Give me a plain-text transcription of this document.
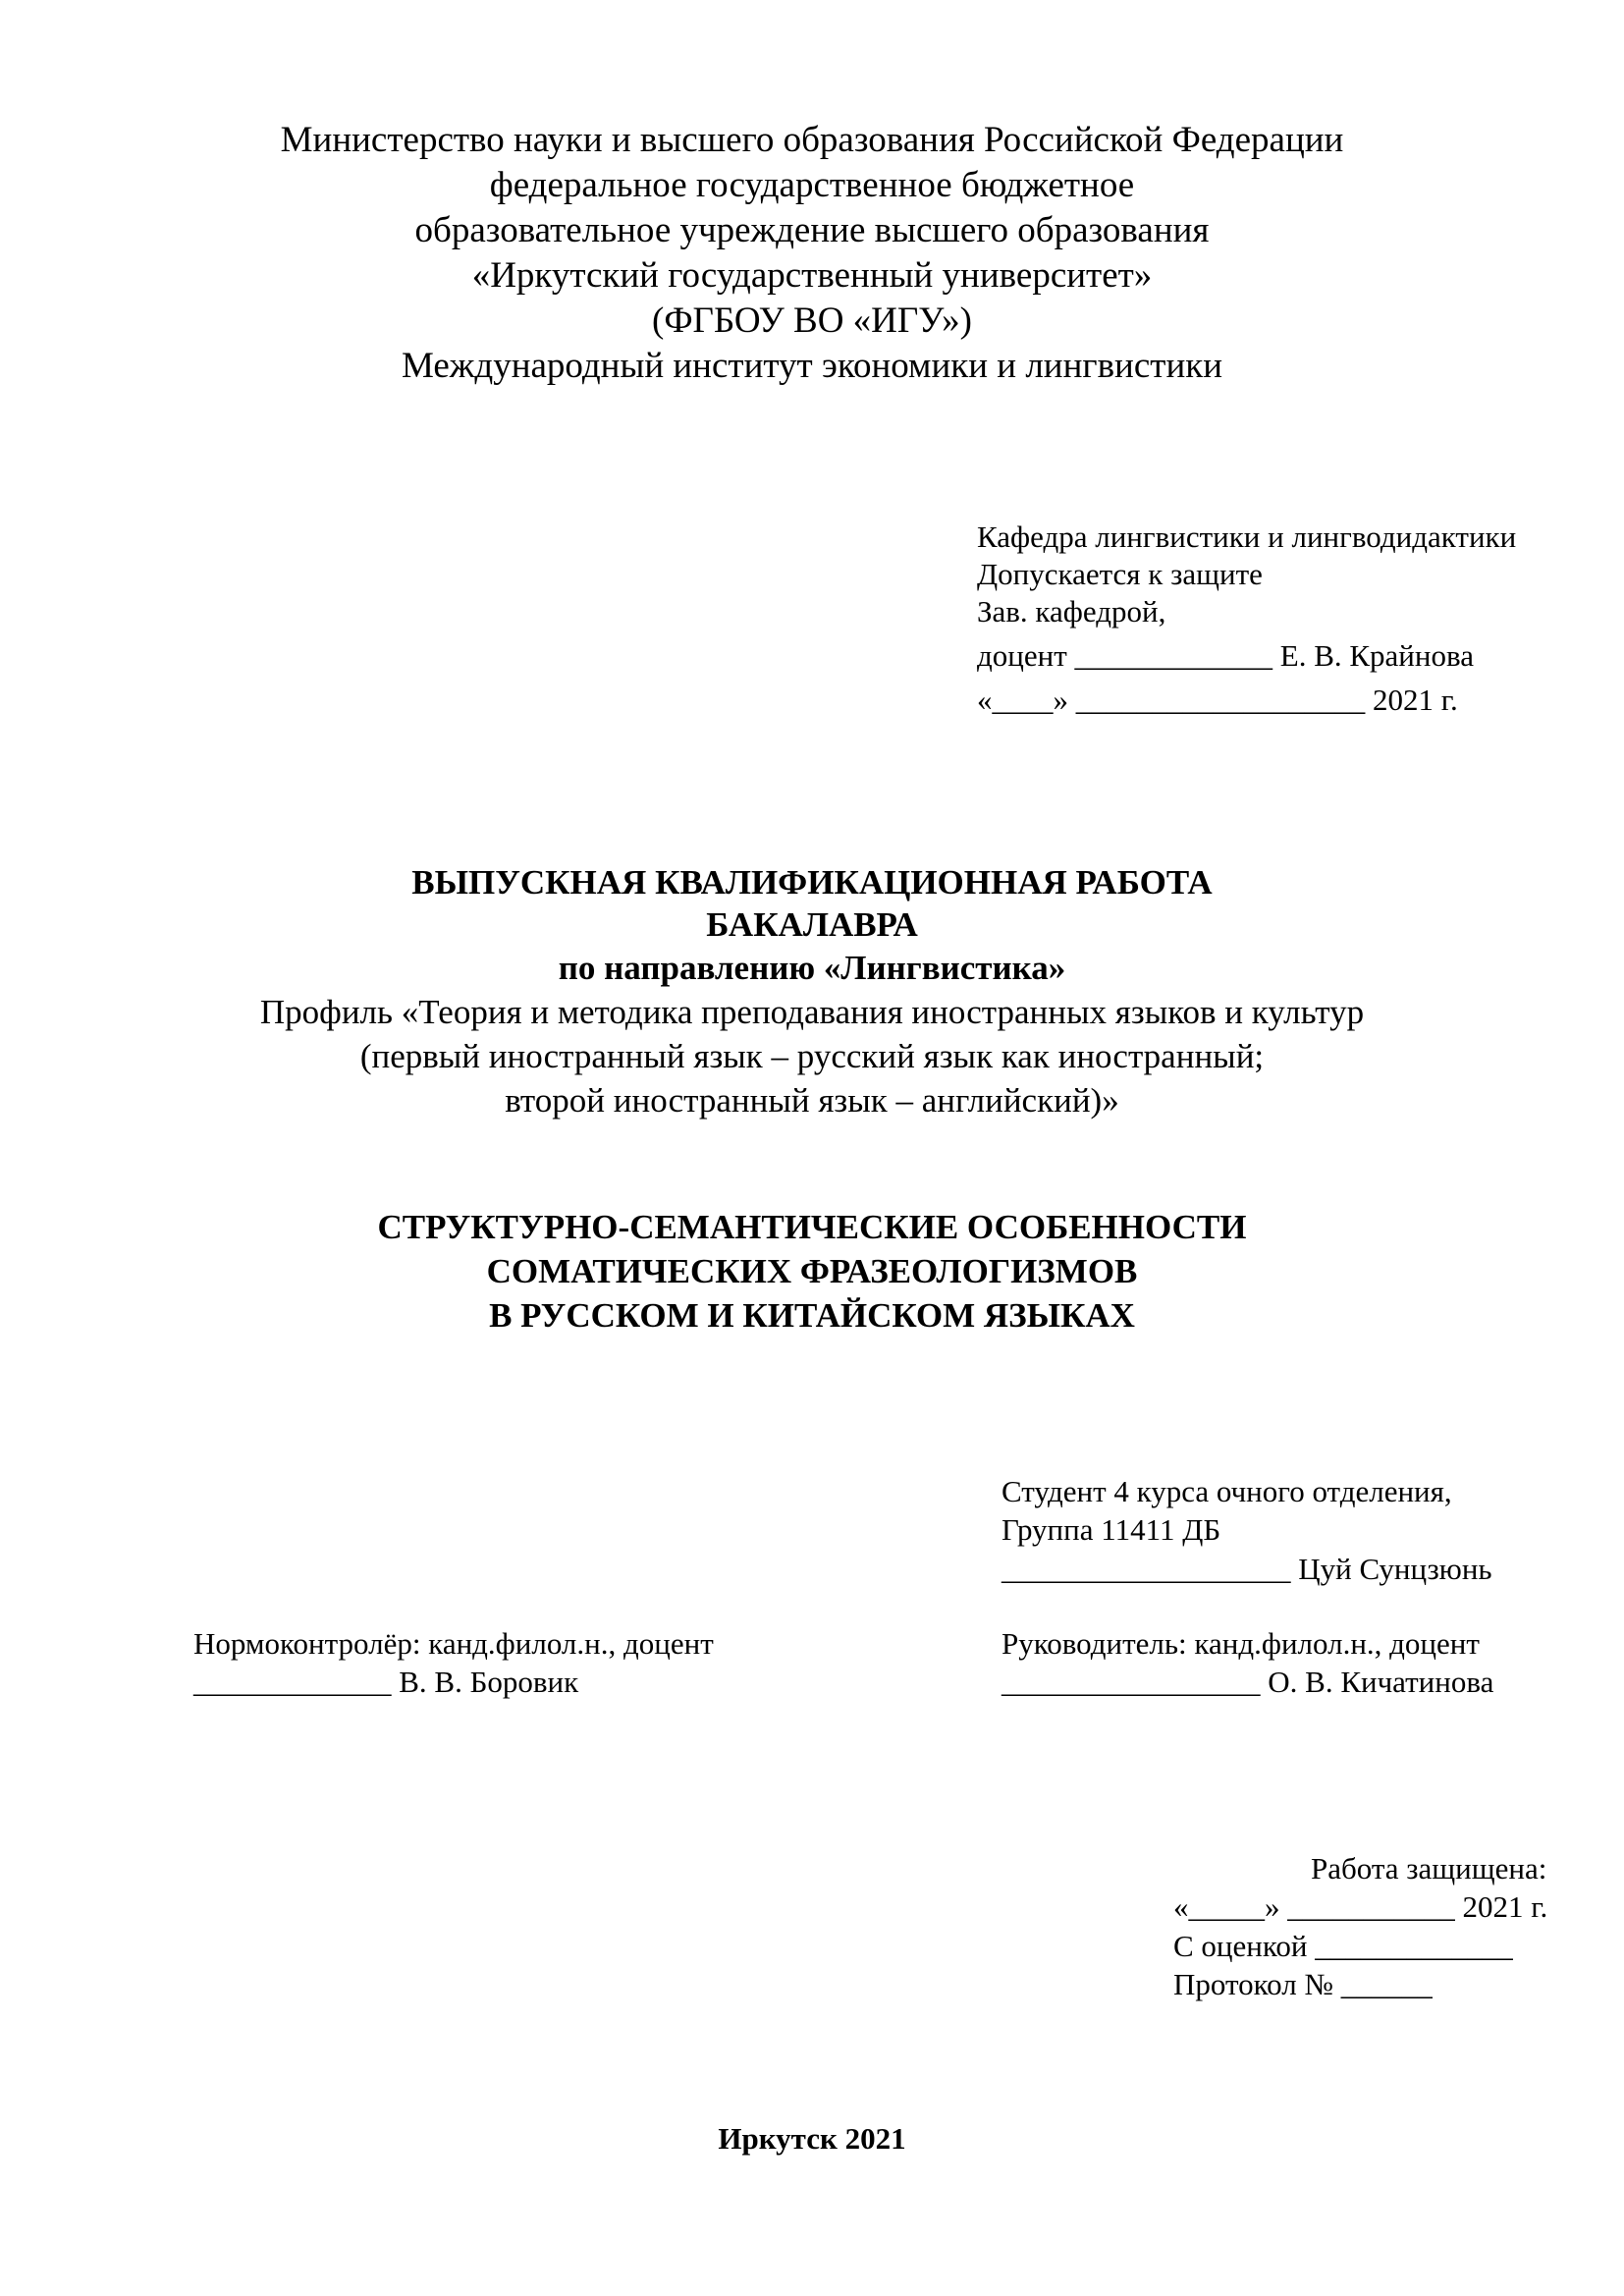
Министерство науки и высшего образования Российской Федерации
федеральное государственное бюджетное
образовательное учреждение высшего образования
«Иркутский государственный университет»
(ФГБОУ ВО «ИГУ»)
Международный институт экономики и лингвистики
Кафедра лингвистики и лингводидактики
Допускается к защите
Зав. кафедрой,
доцент _____________ Е. В. Крайнова
«____» ___________________ 2021 г.
ВЫПУСКНАЯ КВАЛИФИКАЦИОННАЯ РАБОТА
БАКАЛАВРА
по направлению «Лингвистика»
Профиль «Теория и методика преподавания иностранных языков и культур
(первый иностранный язык – русский язык как иностранный;
второй иностранный язык – английский)»
СТРУКТУРНО-СЕМАНТИЧЕСКИЕ ОСОБЕННОСТИ
СОМАТИЧЕСКИХ ФРАЗЕОЛОГИЗМОВ
В РУССКОМ И КИТАЙСКОМ ЯЗЫКАХ
Студент 4 курса очного отделения,
Группа 11411 ДБ
___________________ Цуй Сунцзюнь
Нормоконтролёр: канд.филол.н., доцент
_____________ В. В. Боровик
Руководитель: канд.филол.н., доцент
_________________ О. В. Кичатинова
Работа защищена:
«_____» ___________ 2021 г.
С оценкой _____________
Протокол № ______
Иркутск 2021
